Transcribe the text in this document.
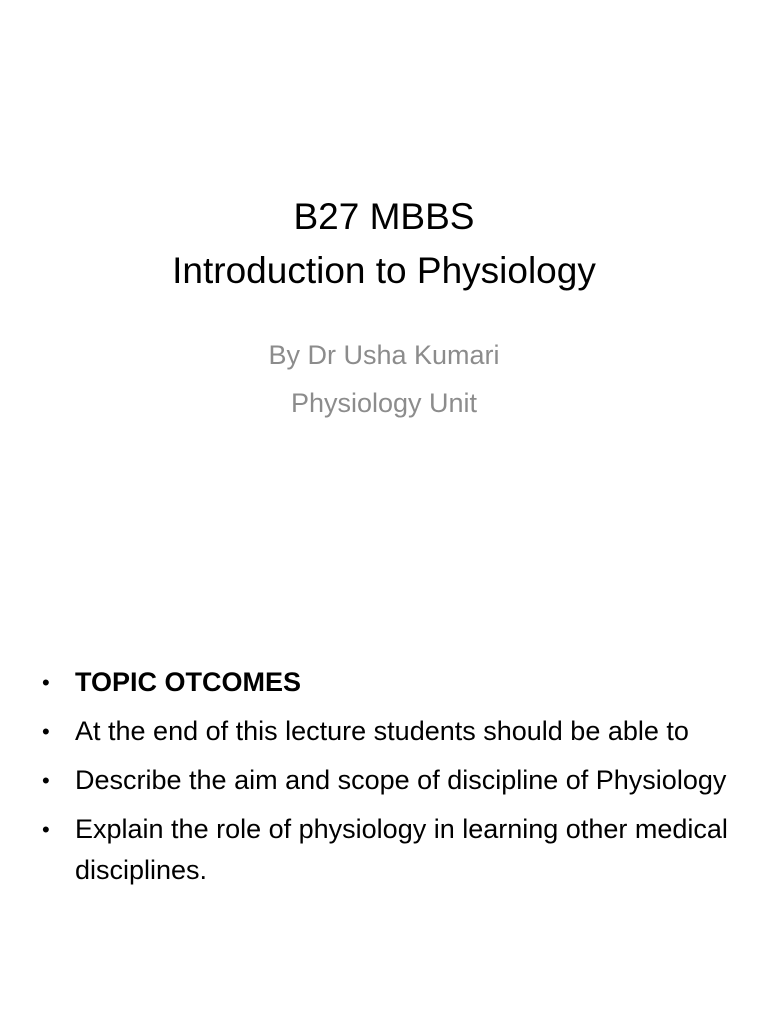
B27 MBBS
Introduction to Physiology
By Dr Usha Kumari
Physiology Unit
• TOPIC OTCOMES
• At the end of this lecture students should be able to
• Describe the aim and scope of discipline of Physiology
• Explain the role of physiology in learning other medical disciplines.
